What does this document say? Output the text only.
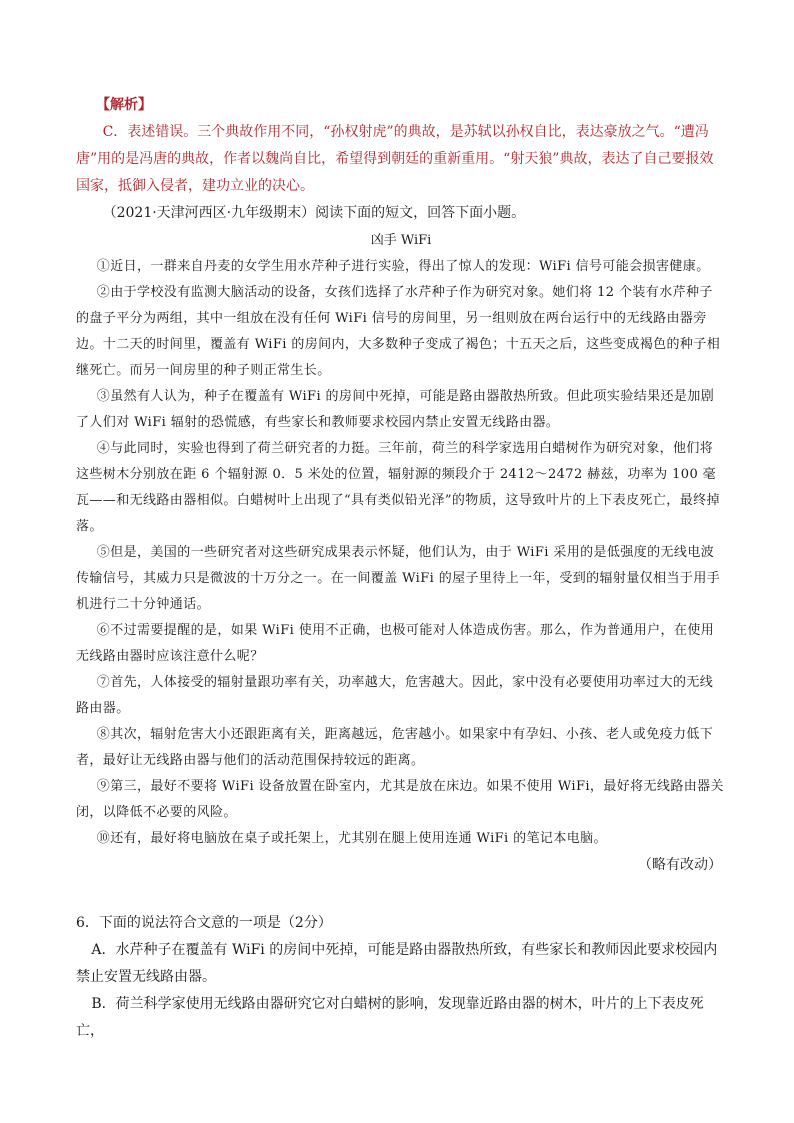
【解析】

C．表述错误。三个典故作用不同，“孙权射虎”的典故，是苏轼以孙权自比，表达豪放之气。“遭冯唐”用的是冯唐的典故，作者以魏尚自比，希望得到朝廷的重新重用。“射天狼”典故，表达了自己要报效国家，抵御入侵者，建功立业的决心。

（2021·天津河西区·九年级期末）阅读下面的短文，回答下面小题。

凶手 WiFi

①近日，一群来自丹麦的女学生用水芹种子进行实验，得出了惊人的发现：WiFi 信号可能会损害健康。

②由于学校没有监测大脑活动的设备，女孩们选择了水芹种子作为研究对象。她们将 12 个装有水芹种子的盘子平分为两组，其中一组放在没有任何 WiFi 信号的房间里，另一组则放在两台运行中的无线路由器旁边。十二天的时间里，覆盖有 WiFi 的房间内，大多数种子变成了褐色；十五天之后，这些变成褐色的种子相继死亡。而另一间房里的种子则正常生长。

③虽然有人认为，种子在覆盖有 WiFi 的房间中死掉，可能是路由器散热所致。但此项实验结果还是加剧了人们对 WiFi 辐射的恐慌感，有些家长和教师要求校园内禁止安置无线路由器。

④与此同时，实验也得到了荷兰研究者的力挺。三年前，荷兰的科学家选用白蜡树作为研究对象，他们将这些树木分别放在距 6 个辐射源 0．5 米处的位置，辐射源的频段介于 2412～2472 赫兹，功率为 100 毫瓦——和无线路由器相似。白蜡树叶上出现了“具有类似铅光泽”的物质，这导致叶片的上下表皮死亡，最终掉落。

⑤但是，美国的一些研究者对这些研究成果表示怀疑，他们认为，由于 WiFi 采用的是低强度的无线电波传输信号，其威力只是微波的十万分之一。在一间覆盖 WiFi 的屋子里待上一年，受到的辐射量仅相当于用手机进行二十分钟通话。

⑥不过需要提醒的是，如果 WiFi 使用不正确，也极可能对人体造成伤害。那么，作为普通用户，在使用无线路由器时应该注意什么呢？

⑦首先，人体接受的辐射量跟功率有关，功率越大，危害越大。因此，家中没有必要使用功率过大的无线路由器。

⑧其次，辐射危害大小还跟距离有关，距离越远，危害越小。如果家中有孕妇、小孩、老人或免疫力低下者，最好让无线路由器与他们的活动范围保持较远的距离。

⑨第三，最好不要将 WiFi 设备放置在卧室内，尤其是放在床边。如果不使用 WiFi，最好将无线路由器关闭，以降低不必要的风险。

⑩还有，最好将电脑放在桌子或托架上，尤其别在腿上使用连通 WiFi 的笔记本电脑。

（略有改动）

6．下面的说法符合文意的一项是（2分）

A．水芹种子在覆盖有 WiFi 的房间中死掉，可能是路由器散热所致，有些家长和教师因此要求校园内禁止安置无线路由器。

B．荷兰科学家使用无线路由器研究它对白蜡树的影响，发现靠近路由器的树木，叶片的上下表皮死亡，
